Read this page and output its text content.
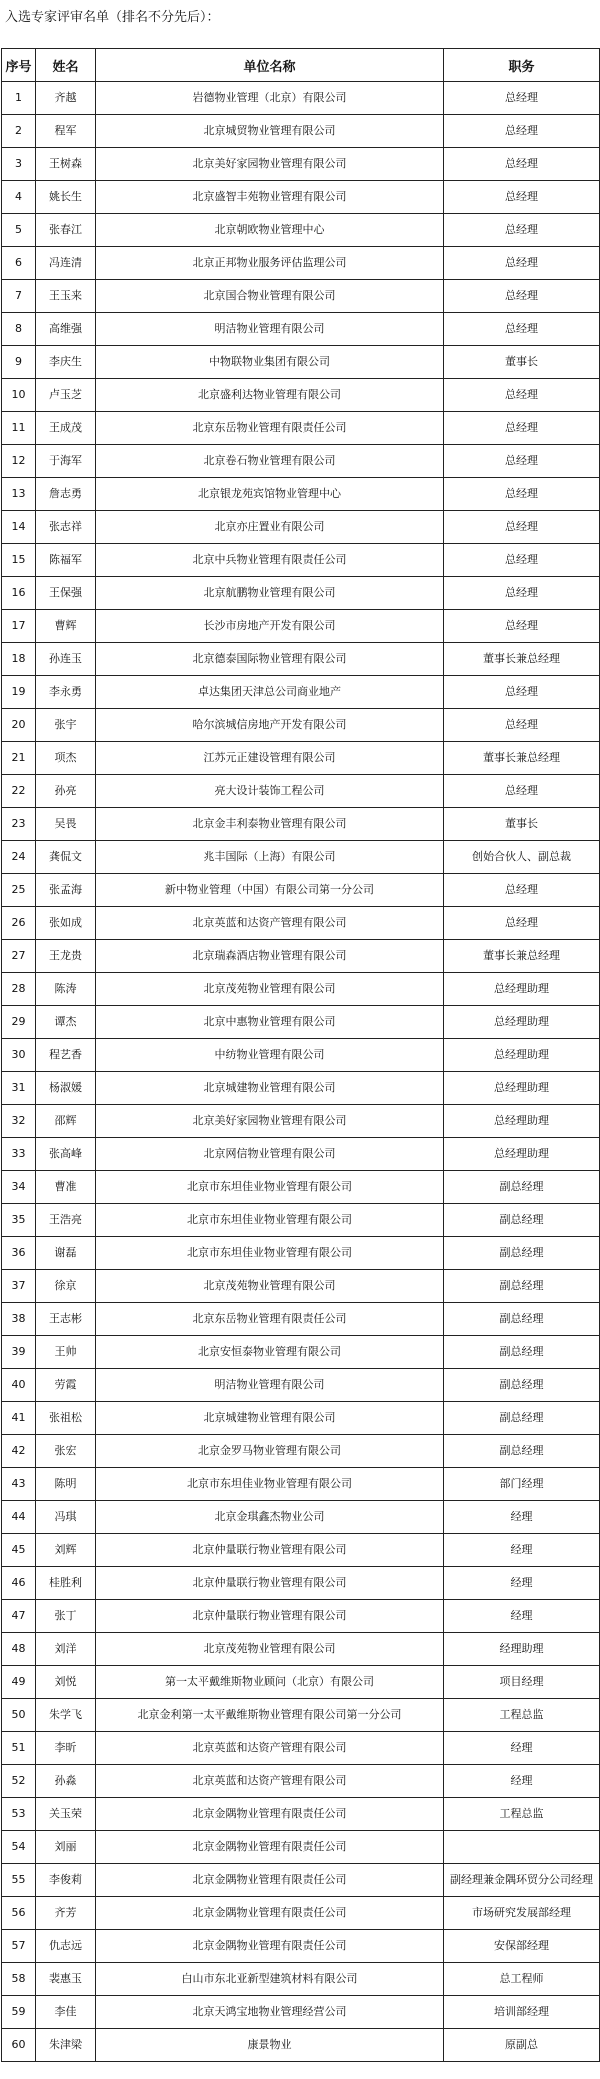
入选专家评审名单（排名不分先后）：
序号	姓名	单位名称	职务
1	齐越	岩德物业管理（北京）有限公司	总经理
2	程军	北京城贸物业管理有限公司	总经理
3	王树森	北京美好家园物业管理有限公司	总经理
4	姚长生	北京盛智丰苑物业管理有限公司	总经理
5	张春江	北京朝欧物业管理中心	总经理
6	冯连清	北京正邦物业服务评估监理公司	总经理
7	王玉来	北京国合物业管理有限公司	总经理
8	高维强	明洁物业管理有限公司	总经理
9	李庆生	中物联物业集团有限公司	董事长
10	卢玉芝	北京盛利达物业管理有限公司	总经理
11	王成茂	北京东岳物业管理有限责任公司	总经理
12	于海军	北京卷石物业管理有限公司	总经理
13	詹志勇	北京银龙苑宾馆物业管理中心	总经理
14	张志祥	北京亦庄置业有限公司	总经理
15	陈福军	北京中兵物业管理有限责任公司	总经理
16	王保强	北京航鹏物业管理有限公司	总经理
17	曹辉	长沙市房地产开发有限公司	总经理
18	孙连玉	北京德泰国际物业管理有限公司	董事长兼总经理
19	李永勇	卓达集团天津总公司商业地产	总经理
20	张宇	哈尔滨城信房地产开发有限公司	总经理
21	项杰	江苏元正建设管理有限公司	董事长兼总经理
22	孙亮	亮大设计装饰工程公司	总经理
23	吴畏	北京金丰利泰物业管理有限公司	董事长
24	龚侃文	兆丰国际（上海）有限公司	创始合伙人、副总裁
25	张孟海	新中物业管理（中国）有限公司第一分公司	总经理
26	张如成	北京英蓝和达资产管理有限公司	总经理
27	王龙贵	北京瑞森酒店物业管理有限公司	董事长兼总经理
28	陈涛	北京茂苑物业管理有限公司	总经理助理
29	谭杰	北京中惠物业管理有限公司	总经理助理
30	程艺香	中纺物业管理有限公司	总经理助理
31	杨淑媛	北京城建物业管理有限公司	总经理助理
32	邵辉	北京美好家园物业管理有限公司	总经理助理
33	张高峰	北京网信物业管理有限公司	总经理助理
34	曹准	北京市东坦佳业物业管理有限公司	副总经理
35	王浩亮	北京市东坦佳业物业管理有限公司	副总经理
36	谢磊	北京市东坦佳业物业管理有限公司	副总经理
37	徐京	北京茂苑物业管理有限公司	副总经理
38	王志彬	北京东岳物业管理有限责任公司	副总经理
39	王帅	北京安恒泰物业管理有限公司	副总经理
40	劳霞	明洁物业管理有限公司	副总经理
41	张祖松	北京城建物业管理有限公司	副总经理
42	张宏	北京金罗马物业管理有限公司	副总经理
43	陈明	北京市东坦佳业物业管理有限公司	部门经理
44	冯琪	北京金琪鑫杰物业公司	经理
45	刘辉	北京仲量联行物业管理有限公司	经理
46	桂胜利	北京仲量联行物业管理有限公司	经理
47	张丁	北京仲量联行物业管理有限公司	经理
48	刘洋	北京茂苑物业管理有限公司	经理助理
49	刘悦	第一太平戴维斯物业顾问（北京）有限公司	项目经理
50	朱学飞	北京金利第一太平戴维斯物业管理有限公司第一分公司	工程总监
51	李昕	北京英蓝和达资产管理有限公司	经理
52	孙淼	北京英蓝和达资产管理有限公司	经理
53	关玉荣	北京金隅物业管理有限责任公司	工程总监
54	刘丽	北京金隅物业管理有限责任公司	
55	李俊莉	北京金隅物业管理有限责任公司	副经理兼金隅环贸分公司经理
56	齐芳	北京金隅物业管理有限责任公司	市场研究发展部经理
57	仇志远	北京金隅物业管理有限责任公司	安保部经理
58	裴惠玉	白山市东北亚新型建筑材料有限公司	总工程师
59	李佳	北京天鸿宝地物业管理经营公司	培训部经理
60	朱津梁	康景物业	原副总
